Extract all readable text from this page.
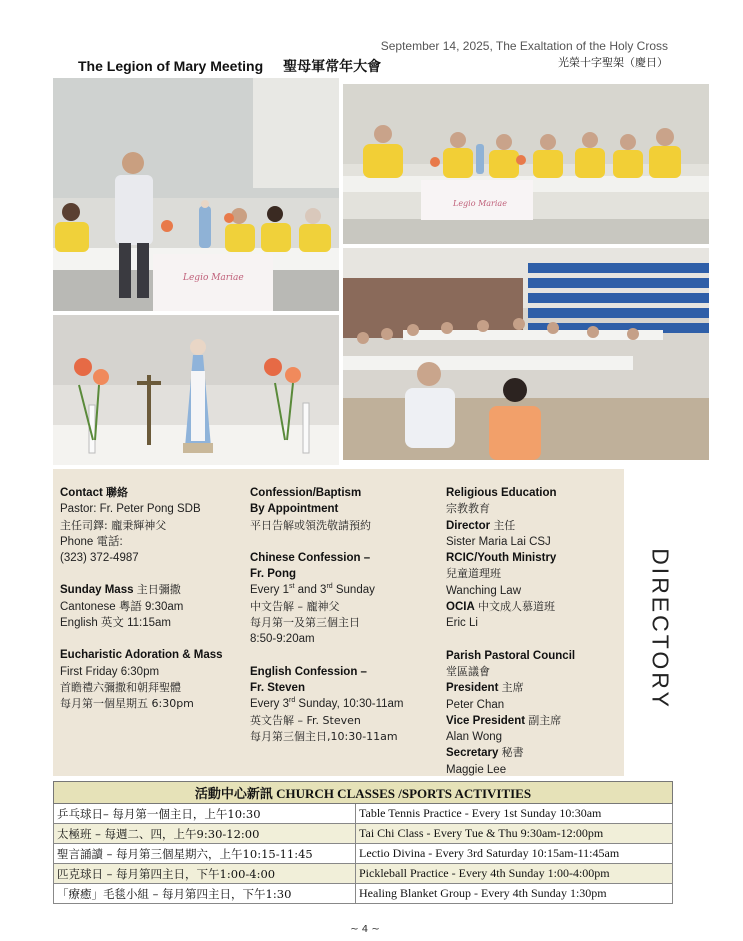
September 14, 2025, The Exaltation of the Holy Cross
光榮十字聖架（慶日）
The Legion of Mary Meeting 聖母軍常年大會
Legio Mariae
Legio Mariae
Contact 聯絡
Pastor: Fr. Peter Pong SDB
主任司鐸: 龐秉輝神父
Phone 電話:
(323) 372-4987
Sunday Mass 主日彌撒
Cantonese 粵語 9:30am
English 英文 11:15am
Eucharistic Adoration & Mass
First Friday 6:30pm
首瞻禮六彌撒和朝拜聖體
每月第一個星期五 6:30pm
Confession/Baptism
By Appointment
平日告解或領洗敬請預約
Chinese Confession –
Fr. Pong
Every 1st and 3rd Sunday
中文告解 – 龐神父
每月第一及第三個主日
8:50-9:20am
English Confession –
Fr. Steven
Every 3rd Sunday, 10:30-11am
英文告解 – Fr. Steven
每月第三個主日,10:30-11am
Religious Education
宗教教育
Director 主任
Sister Maria Lai CSJ
RCIC/Youth Ministry
兒童道理班
Wanching Law
OCIA 中文成人慕道班
Eric Li
Parish Pastoral Council
堂區議會
President 主席
Peter Chan
Vice President 副主席
Alan Wong
Secretary 秘書
Maggie Lee
DIRECTORY
活動中心新訊 CHURCH CLASSES /SPORTS ACTIVITIES	
乒乓球日– 每月第一個主日，上午10:30	Table Tennis Practice - Every 1st Sunday 10:30am
太極班 – 每週二、四，上午9:30-12:00	Tai Chi Class - Every Tue & Thu 9:30am-12:00pm
聖言誦讀 – 每月第三個星期六，上午10:15-11:45	Lectio Divina - Every 3rd Saturday 10:15am-11:45am
匹克球日 – 每月第四主日，下午1:00-4:00	Pickleball Practice - Every 4th Sunday 1:00-4:00pm
「療癒」毛毯小組 – 每月第四主日，下午1:30	Healing Blanket Group - Every 4th Sunday 1:30pm
~ 4 ~
